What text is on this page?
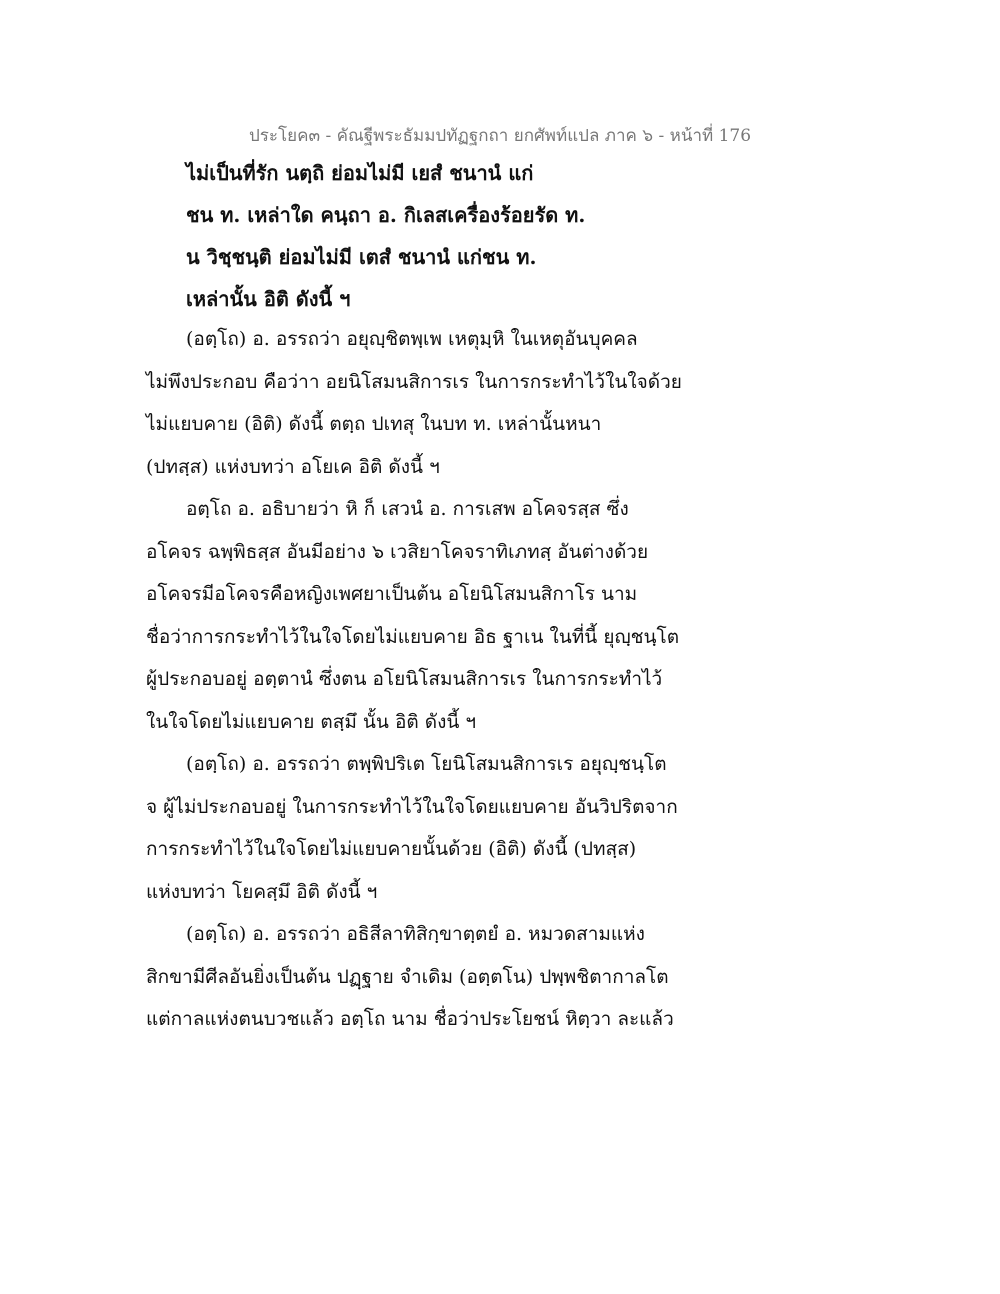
ประโยค๓ - คัณฐีพระธัมมปทัฏฐกถา ยกศัพท์แปล ภาค ๖ - หน้าที่ 176
ไม่เป็นที่รัก นตฺถิ ย่อมไม่มี เยสํ ชนานํ แก่
ชน ท. เหล่าใด คนฺถา อ. กิเลสเครื่องร้อยรัด ท.
น วิชฺชนฺติ ย่อมไม่มี เตสํ ชนานํ แก่ชน ท.
เหล่านั้น อิติ ดังนี้ ฯ
(อตฺโถ) อ. อรรถว่า อยุญฺชิตพฺเพ เหตุมฺหิ ในเหตุอันบุคคล
ไม่พึงประกอบ คือว่าา อยนิโสมนสิการเร ในการกระทำไว้ในใจด้วย
ไม่แยบคาย (อิติ) ดังนี้ ตตฺถ ปเทสุ ในบท ท. เหล่านั้นหนา
(ปทสฺส) แห่งบทว่า อโยเค อิติ ดังนี้ ฯ
อตฺโถ อ. อธิบายว่า หิ ก็ เสวนํ อ. การเสพ อโคจรสฺส ซึ่ง
อโคจร ฉพฺพิธสฺส อันมีอย่าง ๖ เวสิยาโคจราทิเภทสฺ อันต่างด้วย
อโคจรมีอโคจรคือหญิงเพศยาเป็นต้น อโยนิโสมนสิกาโร นาม
ชื่อว่าการกระทำไว้ในใจโดยไม่แยบคาย อิธ ฐาเน ในที่นี้ ยุญฺชนฺโต
ผู้ประกอบอยู่ อตฺตานํ ซึ่งตน อโยนิโสมนสิการเร ในการกระทำไว้
ในใจโดยไม่แยบคาย ตสฺมึ นั้น อิติ ดังนี้ ฯ
(อตฺโถ) อ. อรรถว่า ตพฺพิปริเต โยนิโสมนสิการเร อยุญฺชนฺโต
จ ผู้ไม่ประกอบอยู่ ในการกระทำไว้ในใจโดยแยบคาย อันวิปริตจาก
การกระทำไว้ในใจโดยไม่แยบคายนั้นด้วย (อิติ) ดังนี้ (ปทสฺส)
แห่งบทว่า โยคสฺมึ อิติ ดังนี้ ฯ
(อตฺโถ) อ. อรรถว่า อธิสีลาทิสิกฺขาตฺตยํ อ. หมวดสามแห่ง
สิกขามีศีลอันยิ่งเป็นต้น ปฏฺฐาย จำเดิม (อตฺตโน) ปพฺพชิตากาลโต
แต่กาลแห่งตนบวชแล้ว อตฺโถ นาม ชื่อว่าประโยชน์ หิตฺวา ละแล้ว
